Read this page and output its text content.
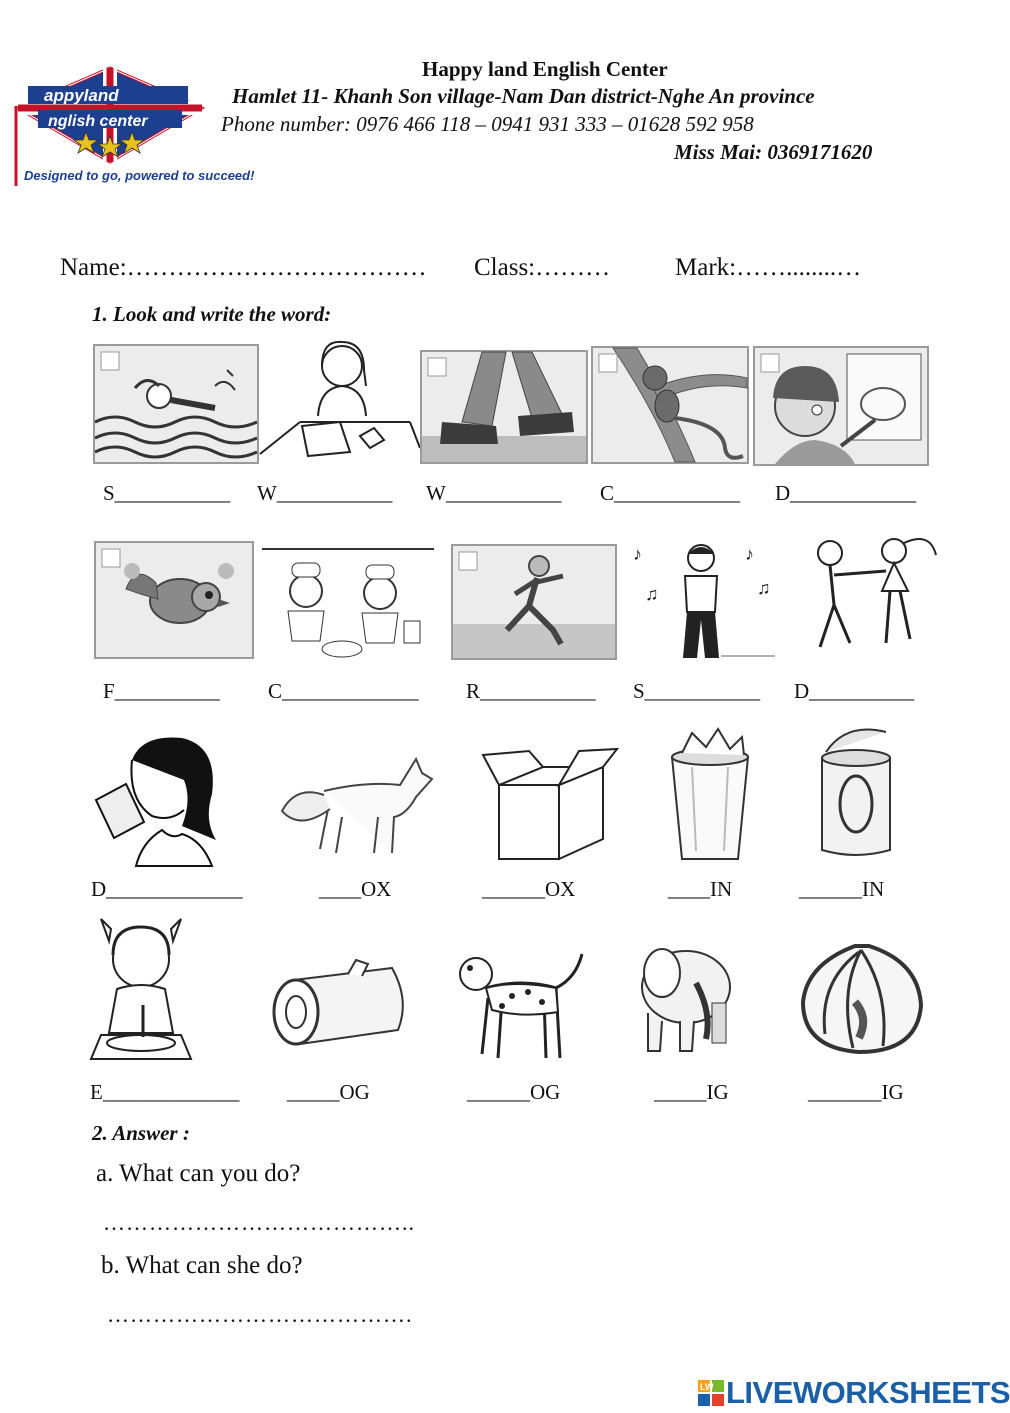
appyland
nglish center
Designed to go, powered to succeed!
Happy land English Center
Hamlet 11- Khanh Son village-Nam Dan district-Nghe An province
Phone number: 0976 466 118 – 0941 931 333 – 01628 592 958
Miss Mai: 0369171620
Name:……………………………… Class:………	Mark:……........…
1. Look and write the word:
S___________ W___________ W___________ C____________ D____________
♪
♫
♪
♫
F__________ C_____________ R___________ S___________ D__________
D_____________	____OX	______OX	____IN	______IN
E_____________ _____OG	______OG	_____IG	_______IG
2. Answer :
a. What can you do?
…………………………………..
b. What can she do?
………………………………….
LW LIVEWORKSHEETS
